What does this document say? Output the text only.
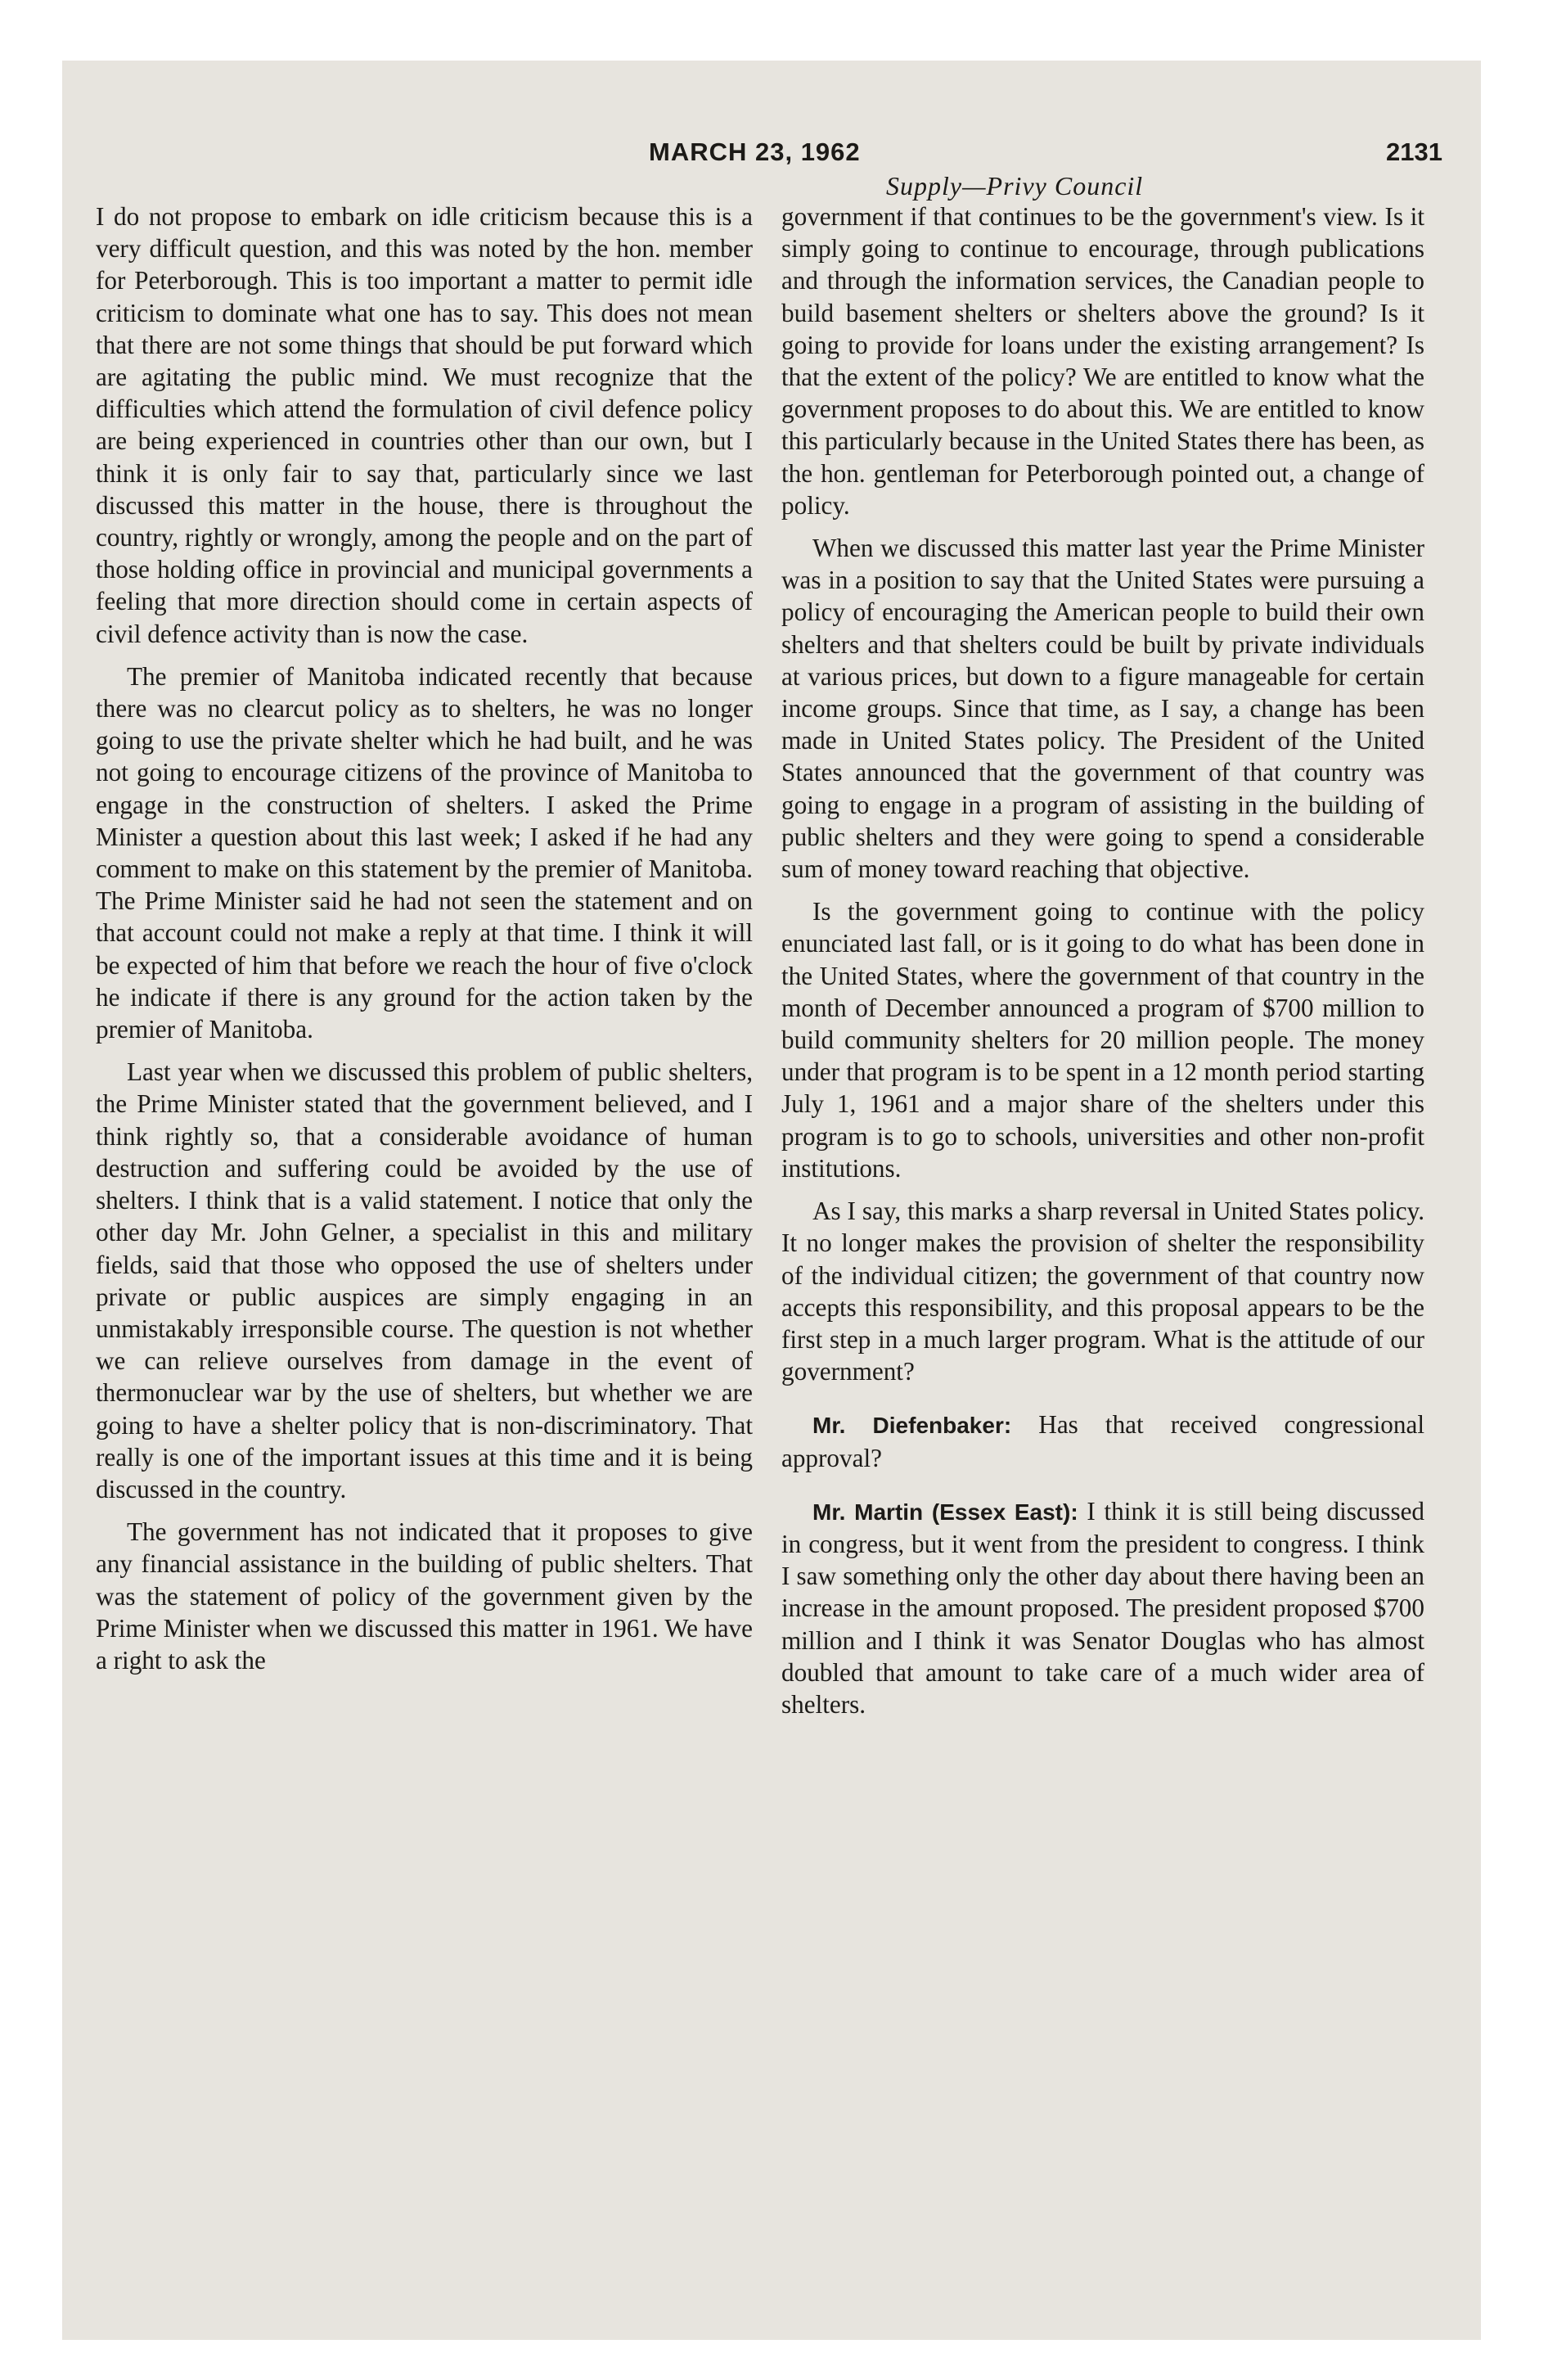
MARCH 23, 1962	2131
Supply—Privy Council

I do not propose to embark on idle criticism because this is a very difficult question, and this was noted by the hon. member for Peterborough. This is too important a matter to permit idle criticism to dominate what one has to say. This does not mean that there are not some things that should be put forward which are agitating the public mind. We must recognize that the difficulties which attend the formulation of civil defence policy are being experienced in countries other than our own, but I think it is only fair to say that, particularly since we last discussed this matter in the house, there is throughout the country, rightly or wrongly, among the people and on the part of those holding office in provincial and municipal governments a feeling that more direction should come in certain aspects of civil defence activity than is now the case.

The premier of Manitoba indicated recently that because there was no clearcut policy as to shelters, he was no longer going to use the private shelter which he had built, and he was not going to encourage citizens of the province of Manitoba to engage in the construction of shelters. I asked the Prime Minister a question about this last week; I asked if he had any comment to make on this statement by the premier of Manitoba. The Prime Minister said he had not seen the statement and on that account could not make a reply at that time. I think it will be expected of him that before we reach the hour of five o'clock he indicate if there is any ground for the action taken by the premier of Manitoba.

Last year when we discussed this problem of public shelters, the Prime Minister stated that the government believed, and I think rightly so, that a considerable avoidance of human destruction and suffering could be avoided by the use of shelters. I think that is a valid statement. I notice that only the other day Mr. John Gelner, a specialist in this and military fields, said that those who opposed the use of shelters under private or public auspices are simply engaging in an unmistakably irresponsible course. The question is not whether we can relieve ourselves from damage in the event of thermonuclear war by the use of shelters, but whether we are going to have a shelter policy that is non-discriminatory. That really is one of the important issues at this time and it is being discussed in the country.

The government has not indicated that it proposes to give any financial assistance in the building of public shelters. That was the statement of policy of the government given by the Prime Minister when we discussed this matter in 1961. We have a right to ask the

government if that continues to be the government's view. Is it simply going to continue to encourage, through publications and through the information services, the Canadian people to build basement shelters or shelters above the ground? Is it going to provide for loans under the existing arrangement? Is that the extent of the policy? We are entitled to know what the government proposes to do about this. We are entitled to know this particularly because in the United States there has been, as the hon. gentleman for Peterborough pointed out, a change of policy.

When we discussed this matter last year the Prime Minister was in a position to say that the United States were pursuing a policy of encouraging the American people to build their own shelters and that shelters could be built by private individuals at various prices, but down to a figure manageable for certain income groups. Since that time, as I say, a change has been made in United States policy. The President of the United States announced that the government of that country was going to engage in a program of assisting in the building of public shelters and they were going to spend a considerable sum of money toward reaching that objective.

Is the government going to continue with the policy enunciated last fall, or is it going to do what has been done in the United States, where the government of that country in the month of December announced a program of $700 million to build community shelters for 20 million people. The money under that program is to be spent in a 12 month period starting July 1, 1961 and a major share of the shelters under this program is to go to schools, universities and other non-profit institutions.

As I say, this marks a sharp reversal in United States policy. It no longer makes the provision of shelter the responsibility of the individual citizen; the government of that country now accepts this responsibility, and this proposal appears to be the first step in a much larger program. What is the attitude of our government?

Mr. Diefenbaker: Has that received congressional approval?

Mr. Martin (Essex East): I think it is still being discussed in congress, but it went from the president to congress. I think I saw something only the other day about there having been an increase in the amount proposed. The president proposed $700 million and I think it was Senator Douglas who has almost doubled that amount to take care of a much wider area of shelters.
